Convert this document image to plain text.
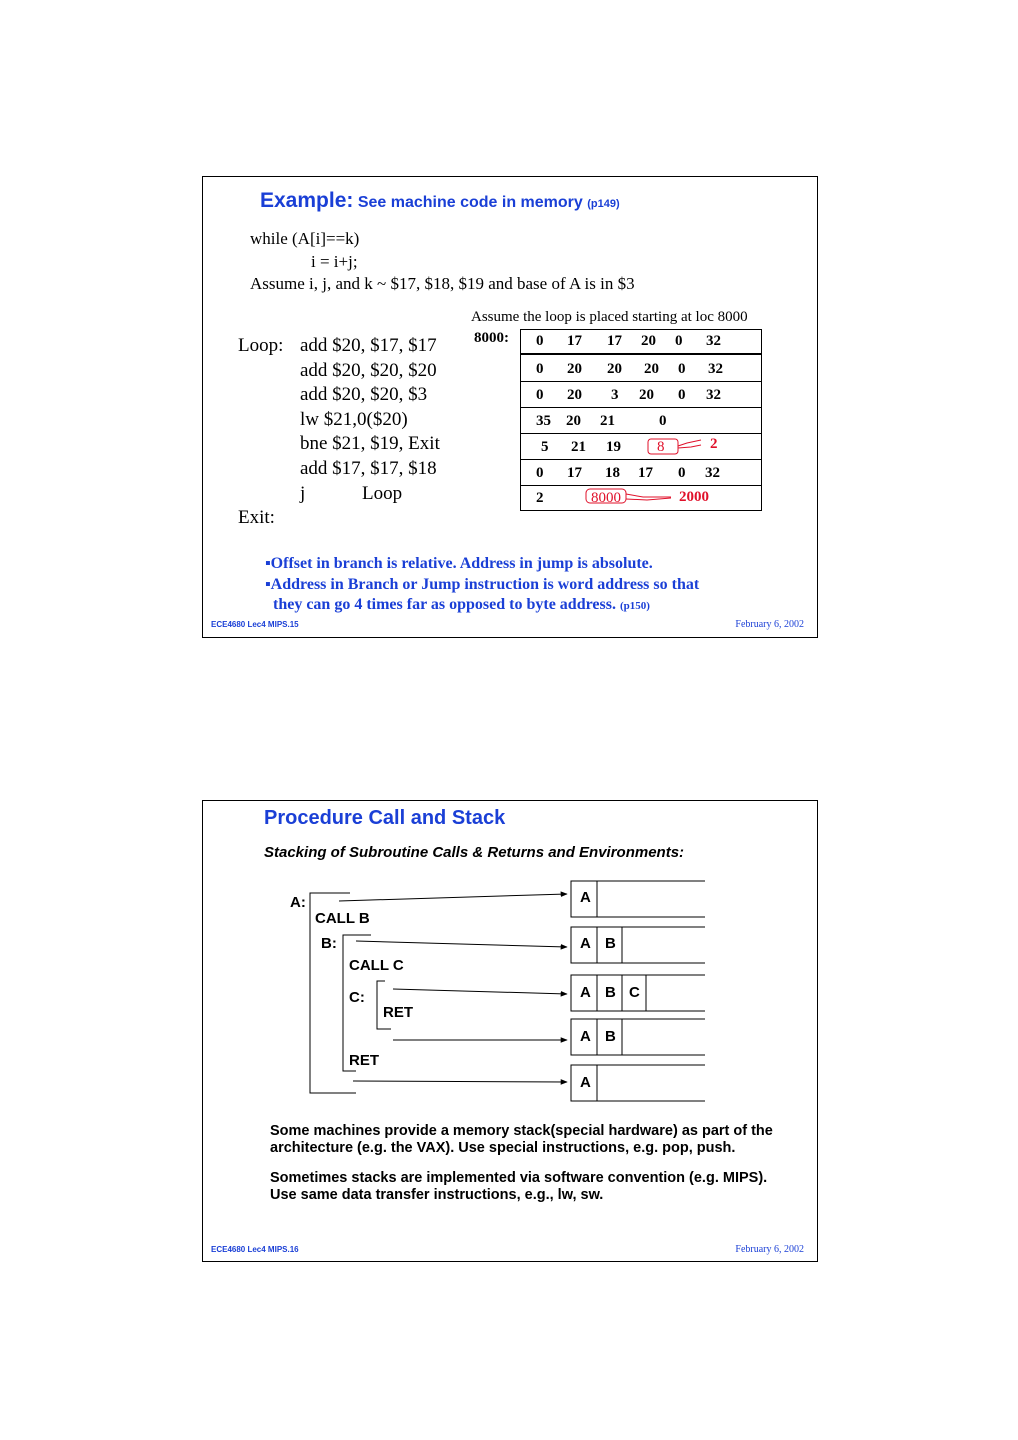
Example: See machine code in memory (p149)
while (A[i]==k)
i = i+j;
Assume i, j, and k ~ $17, $18, $19 and base of A is in $3
Loop: add $20, $17, $17
add $20, $20, $20
add $20, $20, $3
lw $21,0($20)
bne $21, $19, Exit
add $17, $17, $18
j	Loop
Exit:
Assume the loop is placed starting at loc 8000
8000: 0 17 17 20 0 32
0 20 20 20 0 32
0 20 3 20 0 32
35 20 21	0
5 21 19 8	2
0 17 18 17 0 32
2	8000	2000
▪Offset in branch is relative. Address in jump is absolute.
▪Address in Branch or Jump instruction is word address so that
they can go 4 times far as opposed to byte address. (p150)
ECE4680 Lec4 MIPS.15	February 6, 2002
Procedure Call and Stack
Stacking of Subroutine Calls & Returns and Environments:
A:
CALL B
B:
CALL C
C:
RET
RET
A
A B
A B C
A B
A
Some machines provide a memory stack(special hardware) as part of the
architecture (e.g. the VAX). Use special instructions, e.g. pop, push.
Sometimes stacks are implemented via software convention (e.g. MIPS).
Use same data transfer instructions, e.g., lw, sw.
ECE4680 Lec4 MIPS.16	February 6, 2002
